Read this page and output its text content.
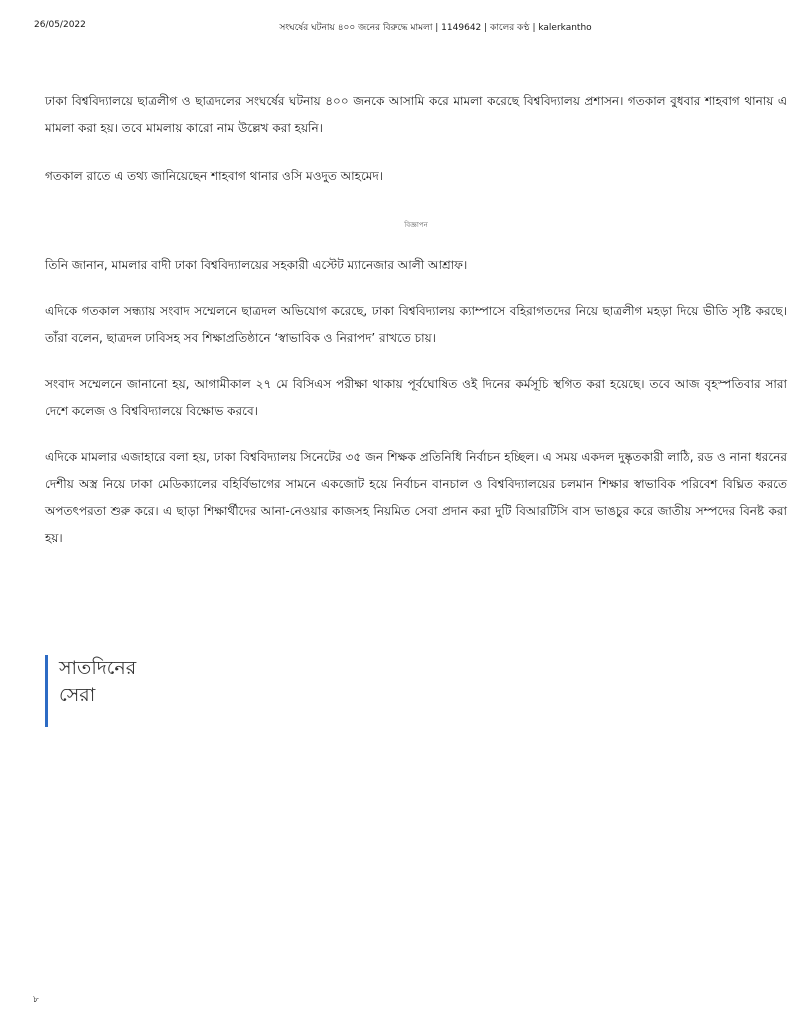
26/05/2022	সংঘর্ষের ঘটনায় ৪০০ জনের বিরুদ্ধে মামলা | 1149642 | কালের কণ্ঠ | kalerkantho

ঢাকা বিশ্ববিদ্যালয়ে ছাত্রলীগ ও ছাত্রদলের সংঘর্ষের ঘটনায় ৪০০ জনকে আসামি করে মামলা করেছে বিশ্ববিদ্যালয় প্রশাসন। গতকাল বুধবার শাহবাগ থানায় এ মামলা করা হয়। তবে মামলায় কারো নাম উল্লেখ করা হয়নি।

গতকাল রাতে এ তথ্য জানিয়েছেন শাহবাগ থানার ওসি মওদুত আহমেদ।

বিজ্ঞাপন

তিনি জানান, মামলার বাদী ঢাকা বিশ্ববিদ্যালয়ের সহকারী এস্টেট ম্যানেজার আলী আশ্রাফ।

এদিকে গতকাল সন্ধ্যায় সংবাদ সম্মেলনে ছাত্রদল অভিযোগ করেছে, ঢাকা বিশ্ববিদ্যালয় ক্যাম্পাসে বহিরাগতদের নিয়ে ছাত্রলীগ মহড়া দিয়ে ভীতি সৃষ্টি করছে। তাঁরা বলেন, ছাত্রদল ঢাবিসহ সব শিক্ষাপ্রতিষ্ঠানে ‘স্বাভাবিক ও নিরাপদ’ রাখতে চায়।

সংবাদ সম্মেলনে জানানো হয়, আগামীকাল ২৭ মে বিসিএস পরীক্ষা থাকায় পূর্বঘোষিত ওই দিনের কর্মসূচি স্থগিত করা হয়েছে। তবে আজ বৃহস্পতিবার সারা দেশে কলেজ ও বিশ্ববিদ্যালয়ে বিক্ষোভ করবে।

এদিকে মামলার এজাহারে বলা হয়, ঢাকা বিশ্ববিদ্যালয় সিনেটের ৩৫ জন শিক্ষক প্রতিনিধি নির্বাচন হচ্ছিল। এ সময় একদল দুষ্কৃতকারী লাঠি, রড ও নানা ধরনের দেশীয় অস্ত্র নিয়ে ঢাকা মেডিক্যালের বহির্বিভাগের সামনে একজোট হয়ে নির্বাচন বানচাল ও বিশ্ববিদ্যালয়ের চলমান শিক্ষার স্বাভাবিক পরিবেশ বিঘ্নিত করতে অপতৎপরতা শুরু করে। এ ছাড়া শিক্ষার্থীদের আনা-নেওয়ার কাজসহ নিয়মিত সেবা প্রদান করা দুটি বিআরটিসি বাস ভাঙচুর করে জাতীয় সম্পদের বিনষ্ট করা হয়।

সাতদিনের
সেরা
৮
